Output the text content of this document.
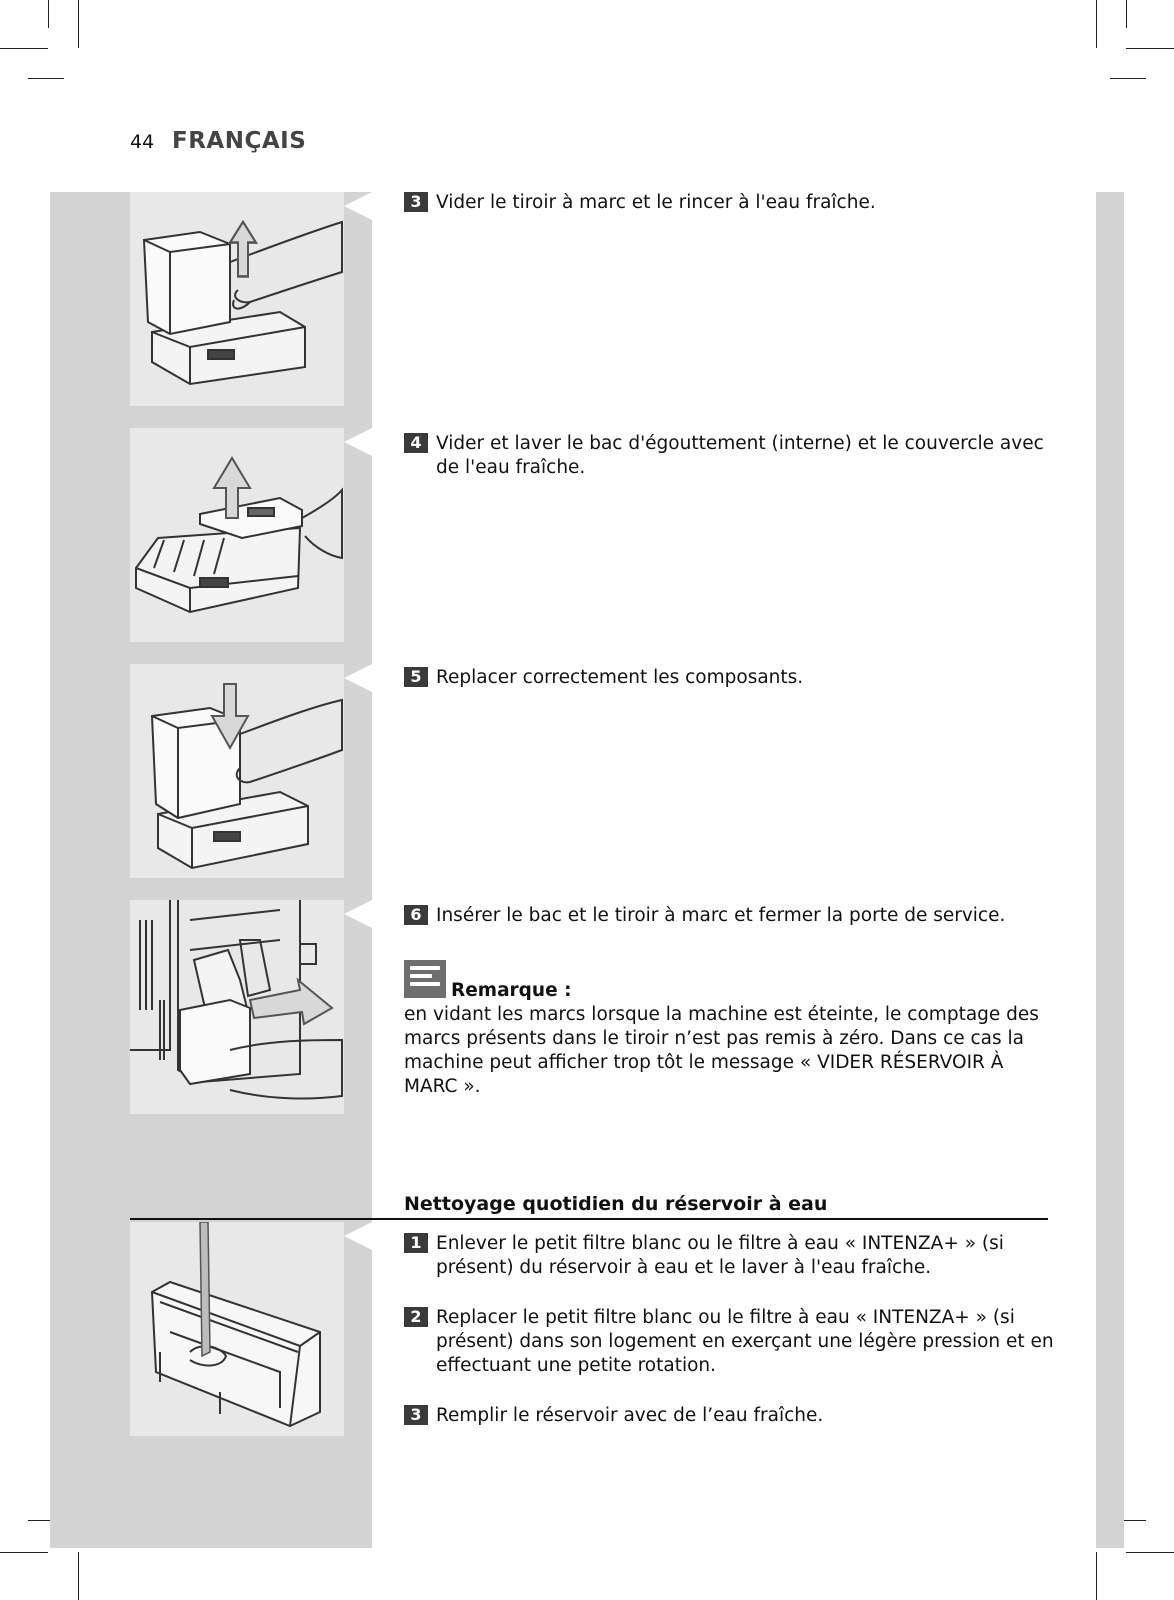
44 FRANÇAIS
3 Vider le tiroir à marc et le rincer à l'eau fraîche.
4 Vider et laver le bac d'égouttement (interne) et le couvercle avec de l'eau fraîche.
5 Replacer correctement les composants.
6 Insérer le bac et le tiroir à marc et fermer la porte de service.
Remarque :
en vidant les marcs lorsque la machine est éteinte, le comptage des marcs présents dans le tiroir n’est pas remis à zéro. Dans ce cas la machine peut afficher trop tôt le message « VIDER RÉSERVOIR À MARC ».
Nettoyage quotidien du réservoir à eau
1 Enlever le petit filtre blanc ou le filtre à eau « INTENZA+ » (si présent) du réservoir à eau et le laver à l'eau fraîche.
2 Replacer le petit filtre blanc ou le filtre à eau « INTENZA+ » (si présent) dans son logement en exerçant une légère pression et en effectuant une petite rotation.
3 Remplir le réservoir avec de l’eau fraîche.
